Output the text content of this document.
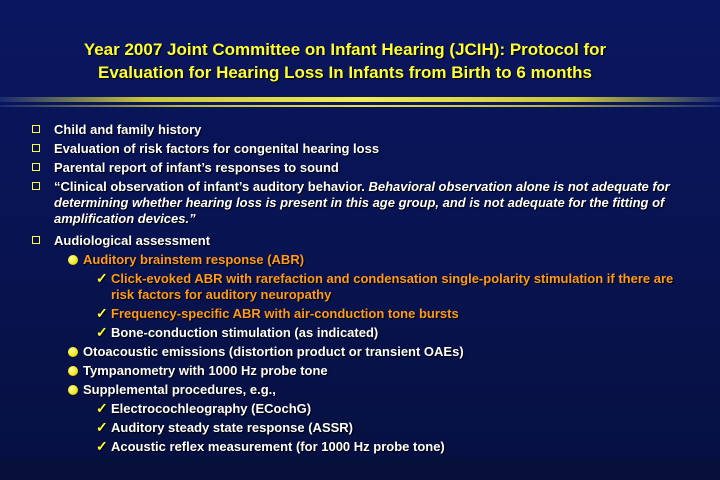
Year 2007 Joint Committee on Infant Hearing (JCIH): Protocol for
Evaluation for Hearing Loss In Infants from Birth to 6 months
Child and family history
Evaluation of risk factors for congenital hearing loss
Parental report of infant’s responses to sound
“Clinical observation of infant’s auditory behavior. Behavioral observation alone is not adequate for determining whether hearing loss is present in this age group, and is not adequate for the fitting of amplification devices.”
Audiological assessment
Auditory brainstem response (ABR)
✓ Click-evoked ABR with rarefaction and condensation single-polarity stimulation if there are risk factors for auditory neuropathy
✓ Frequency-specific ABR with air-conduction tone bursts
✓ Bone-conduction stimulation (as indicated)
Otoacoustic emissions (distortion product or transient OAEs)
Tympanometry with 1000 Hz probe tone
Supplemental procedures, e.g.,
✓ Electrocochleography (ECochG)
✓ Auditory steady state response (ASSR)
✓ Acoustic reflex measurement (for 1000 Hz probe tone)
